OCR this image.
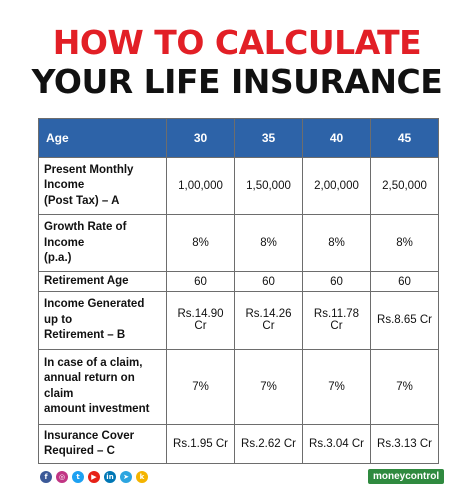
HOW TO CALCULATE
YOUR LIFE INSURANCE
Age	30	35	40	45
Present Monthly
Income
(Post Tax) – A	1,00,000	1,50,000	2,00,000	2,50,000
Growth Rate of Income
(p.a.)	8%	8%	8%	8%
Retirement Age	60	60	60	60
Income Generated up to
Retirement – B	Rs.14.90 Cr	Rs.14.26 Cr	Rs.11.78 Cr	Rs.8.65 Cr
In case of a claim,
annual return on claim
amount investment	7%	7%	7%	7%
Insurance Cover
Required – C	Rs.1.95 Cr	Rs.2.62 Cr	Rs.3.04 Cr	Rs.3.13 Cr
f	◎	t	▶	in	➤	k	moneycontrol
